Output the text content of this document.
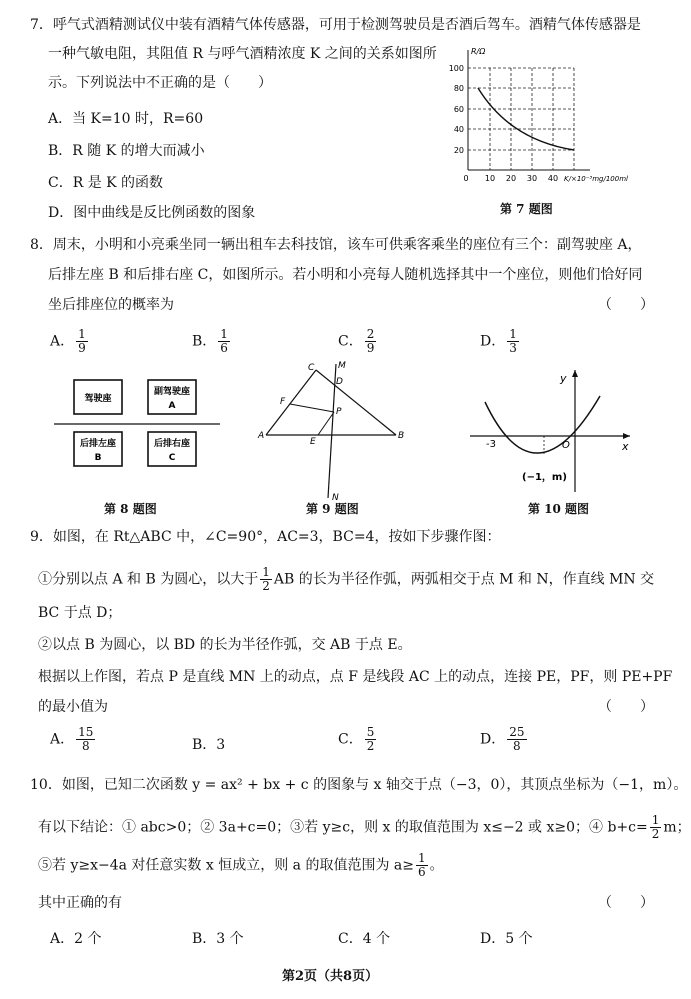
7．呼气式酒精测试仪中装有酒精气体传感器，可用于检测驾驶员是否酒后驾车。酒精气体传感器是
一种气敏电阻，其阻值 R 与呼气酒精浓度 K 之间的关系如图所
示。下列说法中不正确的是（　　）
A．当 K=10 时，R=60
B．R 随 K 的增大而减小
C．R 是 K 的函数
D．图中曲线是反比例函数的图象
R/Ω
100
80
60
40
20
0 10 20 30 40 K/×10⁻³mg/100ml
第 7 题图
8．周末，小明和小亮乘坐同一辆出租车去科技馆，该车可供乘客乘坐的座位有三个：副驾驶座 A，
后排左座 B 和后排右座 C，如图所示。若小明和小亮每人随机选择其中一个座位，则他们恰好同
坐后排座位的概率为	（　　）
A． $\frac{1}{9}$	B． $\frac{1}{6}$	C． $\frac{2}{9}$	D． $\frac{1}{3}$
驾驶座
副驾驶座
A
后排左座
B
后排右座
C
第 8 题图
C	M
D
F
P
A
E
B
N
第 9 题图
y
x
O
-3
(−1，m)
第 10 题图
9．如图，在 Rt△ABC 中，∠C=90°，AC=3，BC=4，按如下步骤作图：
①分别以点 A 和 B 为圆心，以大于 $\frac{1}{2}$ AB 的长为半径作弧，两弧相交于点 M 和 N，作直线 MN 交
BC 于点 D；
②以点 B 为圆心，以 BD 的长为半径作弧，交 AB 于点 E。
根据以上作图，若点 P 是直线 MN 上的动点，点 F 是线段 AC 上的动点，连接 PE，PF，则 PE+PF
的最小值为	（　　）
A． $\frac{15}{8}$	B．3	C． $\frac{5}{2}$	D． $\frac{25}{8}$
10．如图，已知二次函数 y = ax² + bx + c 的图象与 x 轴交于点（−3，0），其顶点坐标为（−1，m）。
有以下结论：① abc>0；② 3a+c=0；③若 y≥c，则 x 的取值范围为 x≤−2 或 x≥0；④ $b+c= \frac{1}{2}$ m；
⑤若 y≥x−4a 对任意实数 x 恒成立，则 a 的取值范围为 $a\ge \frac{1}{6}$ 。
其中正确的有	（　　）
A．2 个	B．3 个	C．4 个	D．5 个
第2页（共8页）
